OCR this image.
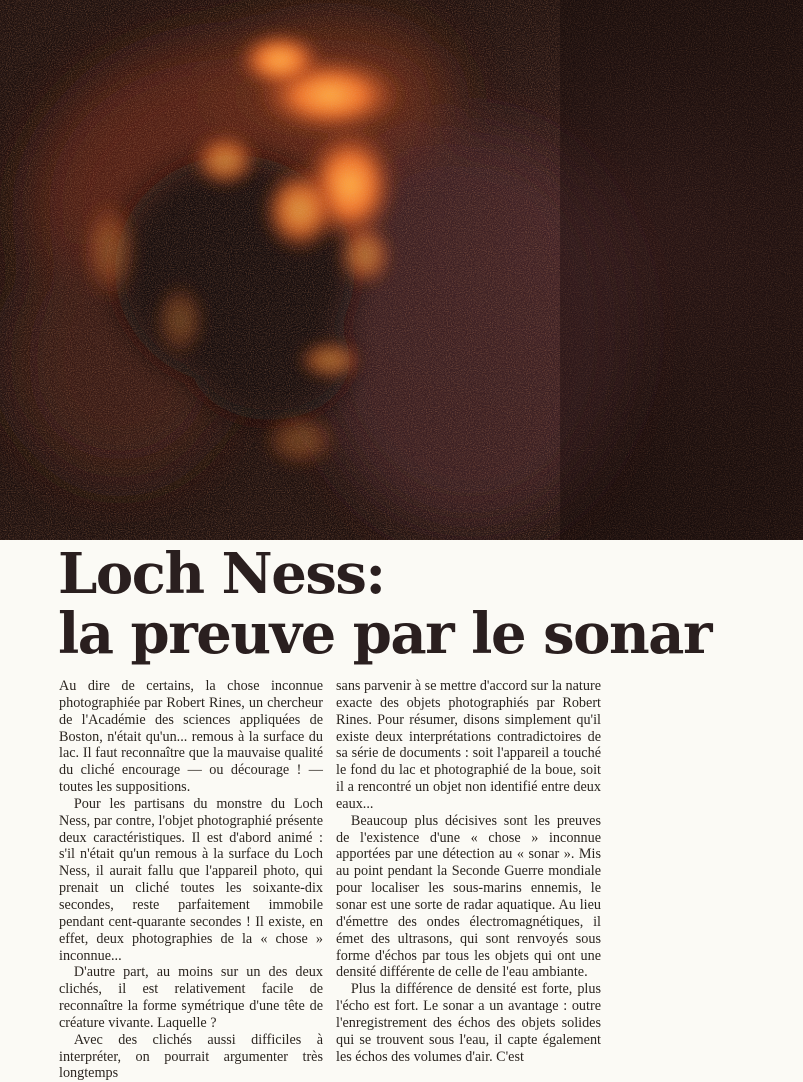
Loch Ness:
la preuve par le sonar

Au dire de certains, la chose inconnue photographiée par Robert Rines, un chercheur de l'Académie des sciences appliquées de Boston, n'était qu'un... remous à la surface du lac. Il faut reconnaître que la mauvaise qualité du cliché encourage — ou décourage ! — toutes les suppositions.

Pour les partisans du monstre du Loch Ness, par contre, l'objet photographié présente deux caractéristiques. Il est d'abord animé : s'il n'était qu'un remous à la surface du Loch Ness, il aurait fallu que l'appareil photo, qui prenait un cliché toutes les soixante-dix secondes, reste parfaitement immobile pendant cent-quarante secondes ! Il existe, en effet, deux photographies de la « chose » inconnue...

D'autre part, au moins sur un des deux clichés, il est relativement facile de reconnaître la forme symétrique d'une tête de créature vivante. Laquelle ?

Avec des clichés aussi difficiles à interpréter, on pourrait argumenter très longtemps

sans parvenir à se mettre d'accord sur la nature exacte des objets photographiés par Robert Rines. Pour résumer, disons simplement qu'il existe deux interprétations contradictoires de sa série de documents : soit l'appareil a touché le fond du lac et photographié de la boue, soit il a rencontré un objet non identifié entre deux eaux...

Beaucoup plus décisives sont les preuves de l'existence d'une « chose » inconnue apportées par une détection au « sonar ». Mis au point pendant la Seconde Guerre mondiale pour localiser les sous-marins ennemis, le sonar est une sorte de radar aquatique. Au lieu d'émettre des ondes électromagnétiques, il émet des ultrasons, qui sont renvoyés sous forme d'échos par tous les objets qui ont une densité différente de celle de l'eau ambiante.

Plus la différence de densité est forte, plus l'écho est fort. Le sonar a un avantage : outre l'enregistrement des échos des objets solides qui se trouvent sous l'eau, il capte également les échos des volumes d'air. C'est
